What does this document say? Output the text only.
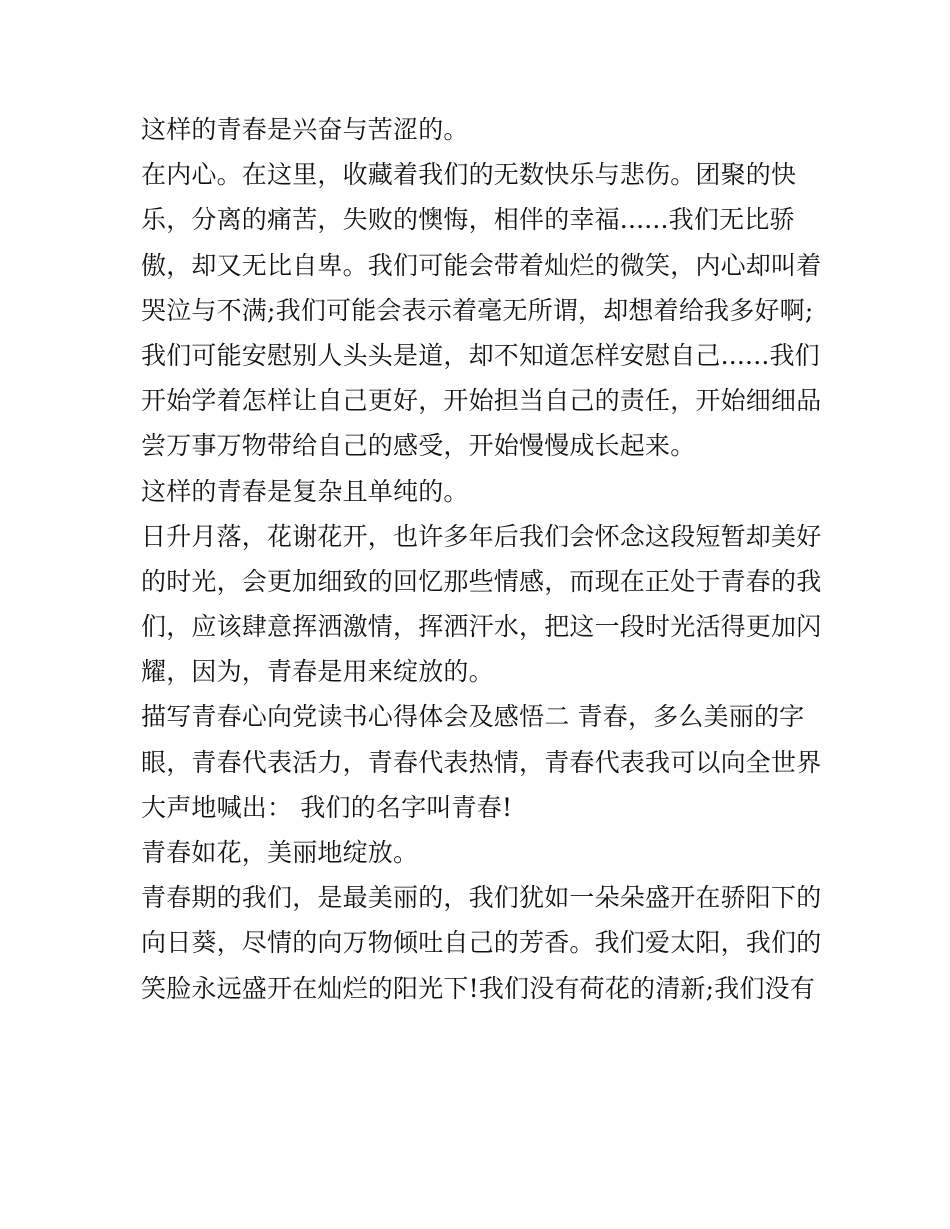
这样的青春是兴奋与苦涩的。
在内心。在这里，收藏着我们的无数快乐与悲伤。团聚的快
乐，分离的痛苦，失败的懊悔，相伴的幸福......我们无比骄
傲，却又无比自卑。我们可能会带着灿烂的微笑，内心却叫着
哭泣与不满;我们可能会表示着毫无所谓，却想着给我多好啊;
我们可能安慰别人头头是道，却不知道怎样安慰自己......我们
开始学着怎样让自己更好，开始担当自己的责任，开始细细品
尝万事万物带给自己的感受，开始慢慢成长起来。
这样的青春是复杂且单纯的。
日升月落，花谢花开，也许多年后我们会怀念这段短暂却美好
的时光，会更加细致的回忆那些情感，而现在正处于青春的我
们，应该肆意挥洒激情，挥洒汗水，把这一段时光活得更加闪
耀，因为，青春是用来绽放的。
描写青春心向党读书心得体会及感悟二 青春，多么美丽的字
眼，青春代表活力，青春代表热情，青春代表我可以向全世界
大声地喊出： 我们的名字叫青春!
青春如花，美丽地绽放。
青春期的我们，是最美丽的，我们犹如一朵朵盛开在骄阳下的
向日葵，尽情的向万物倾吐自己的芳香。我们爱太阳，我们的
笑脸永远盛开在灿烂的阳光下!我们没有荷花的清新;我们没有
